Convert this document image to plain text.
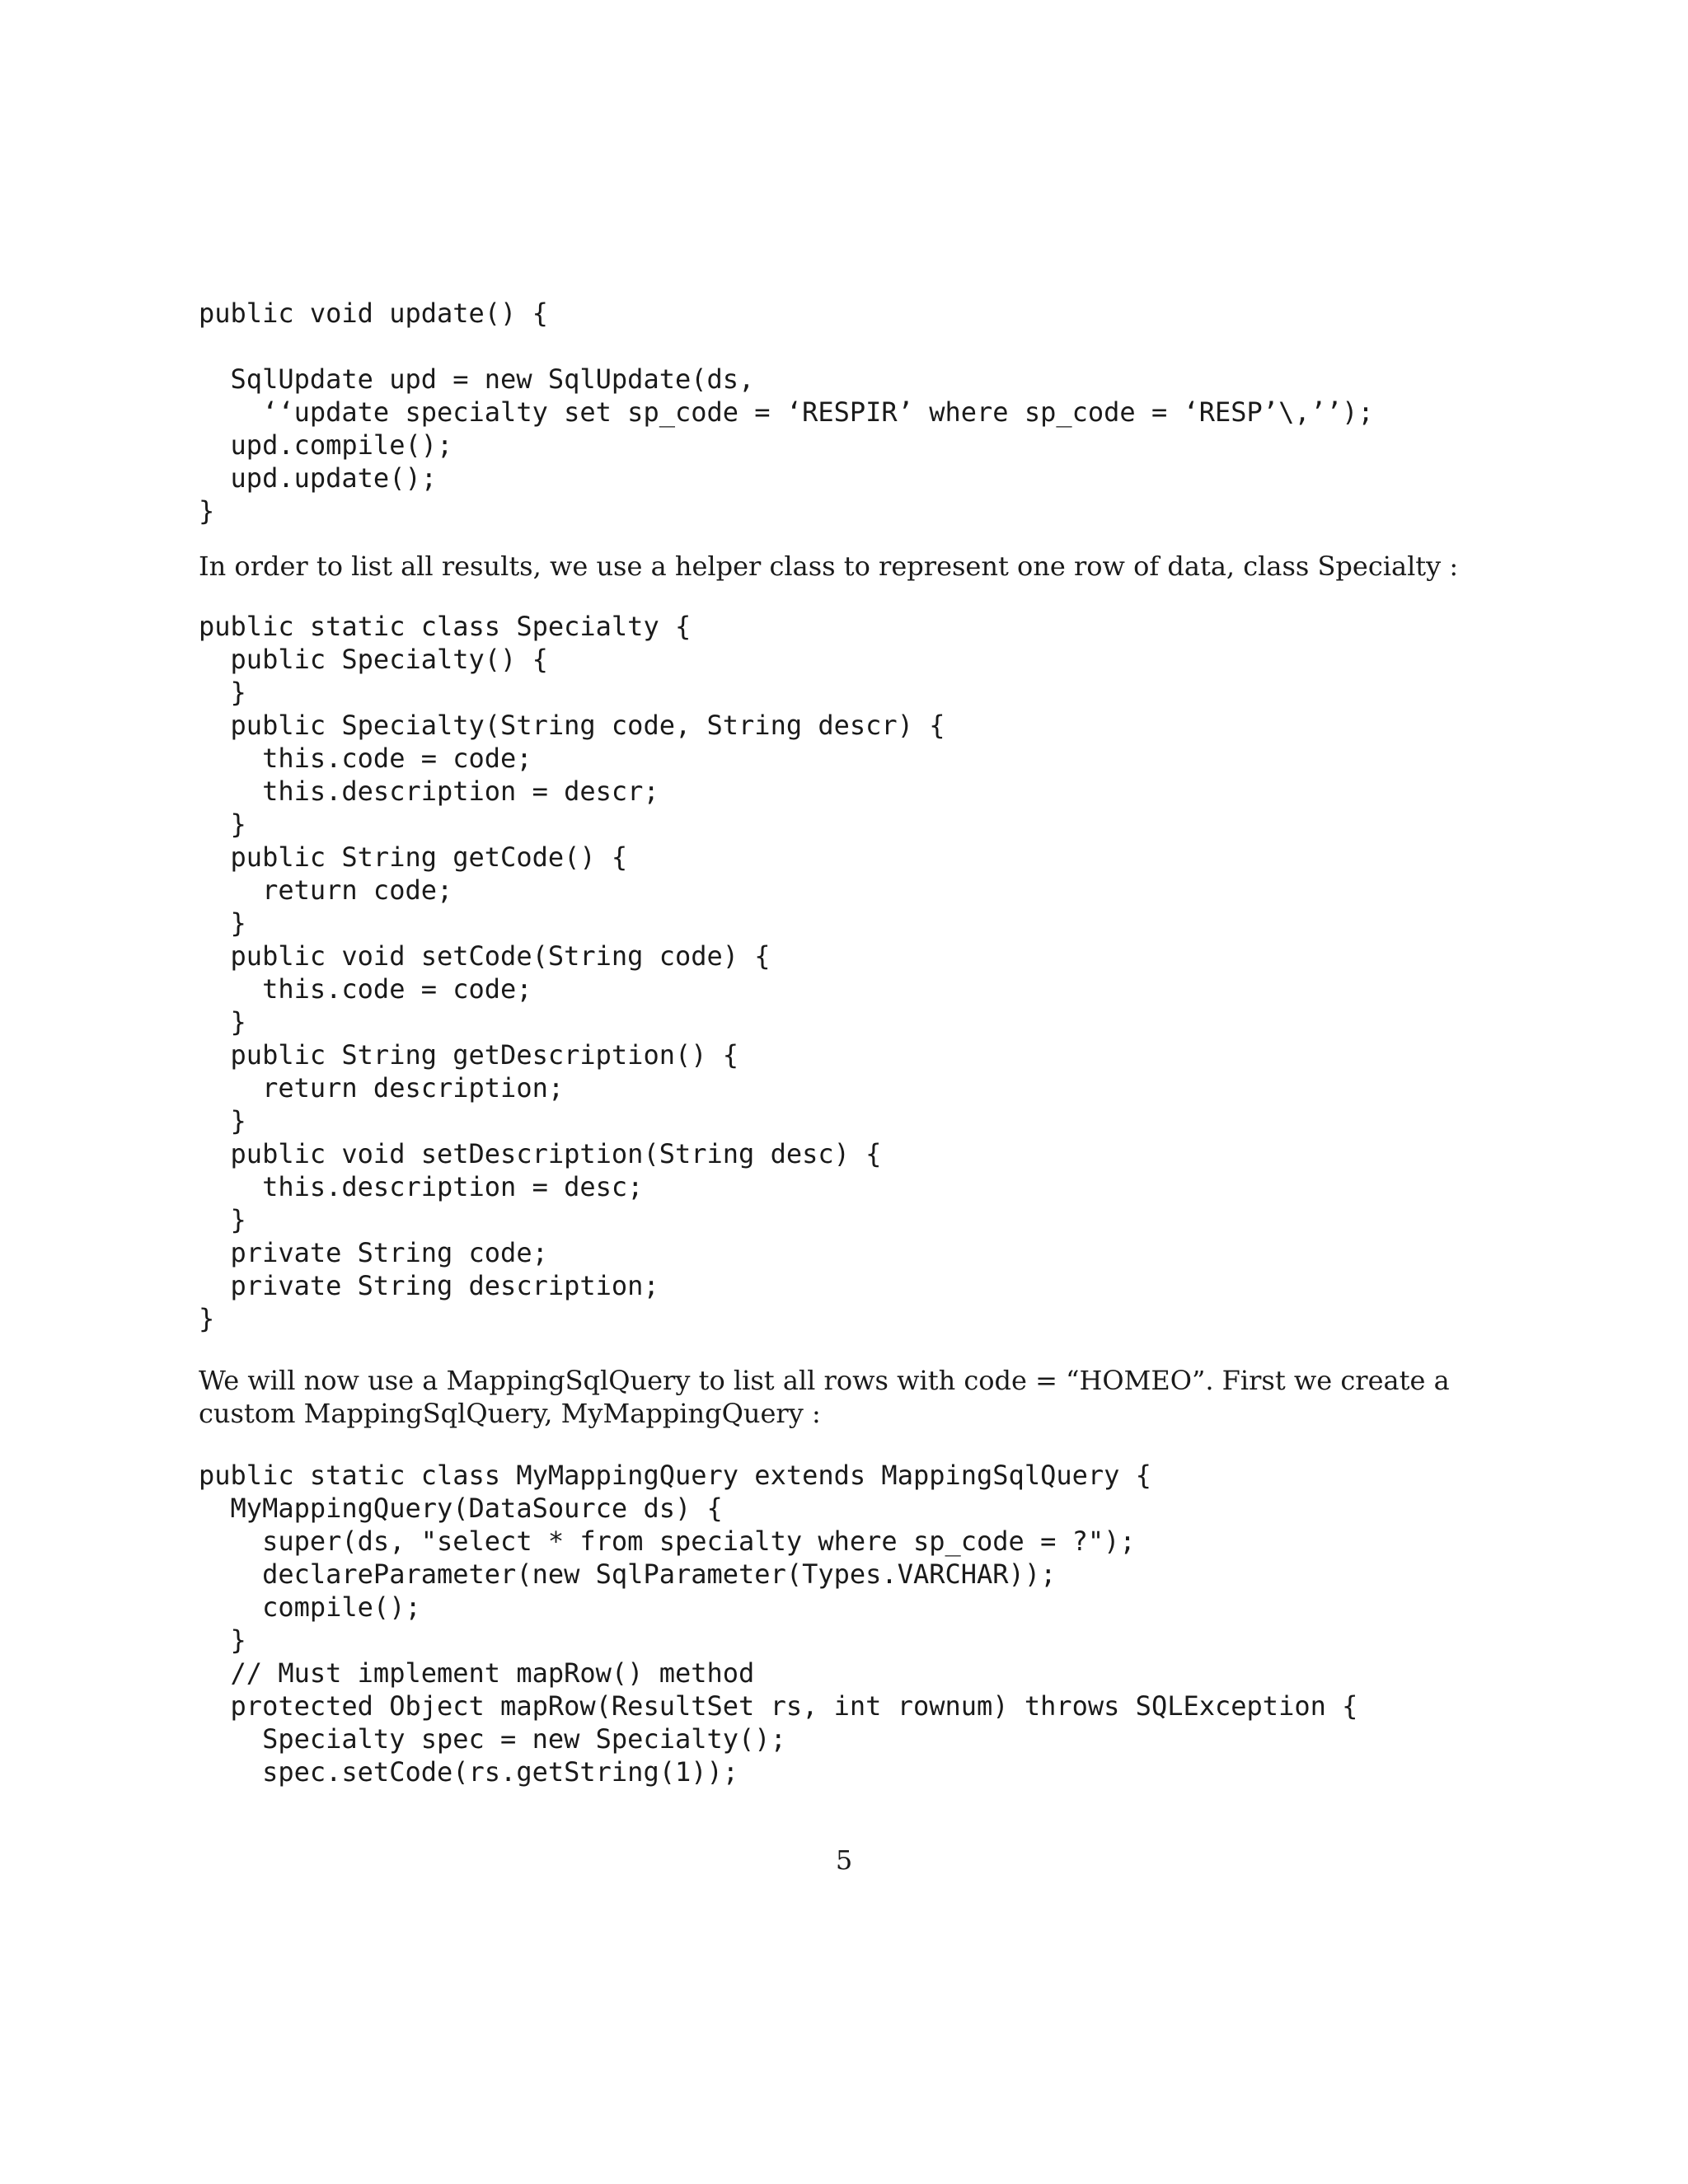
public void update() {
SqlUpdate upd = new SqlUpdate(ds,
‘‘update specialty set sp_code = ‘RESPIR’ where sp_code = ‘RESP’\,’’);
upd.compile();
upd.update();
}

In order to list all results, we use a helper class to represent one row of data, class Specialty :

public static class Specialty {
public Specialty() {
}
public Specialty(String code, String descr) {
this.code = code;
this.description = descr;
}
public String getCode() {
return code;
}
public void setCode(String code) {
this.code = code;
}
public String getDescription() {
return description;
}
public void setDescription(String desc) {
this.description = desc;
}
private String code;
private String description;
}

We will now use a MappingSqlQuery to list all rows with code = “HOMEO”. First we create a custom MappingSqlQuery, MyMappingQuery :

public static class MyMappingQuery extends MappingSqlQuery {
MyMappingQuery(DataSource ds) {
super(ds, "select * from specialty where sp_code = ?");
declareParameter(new SqlParameter(Types.VARCHAR));
compile();
}
// Must implement mapRow() method
protected Object mapRow(ResultSet rs, int rownum) throws SQLException {
Specialty spec = new Specialty();
spec.setCode(rs.getString(1));
5
